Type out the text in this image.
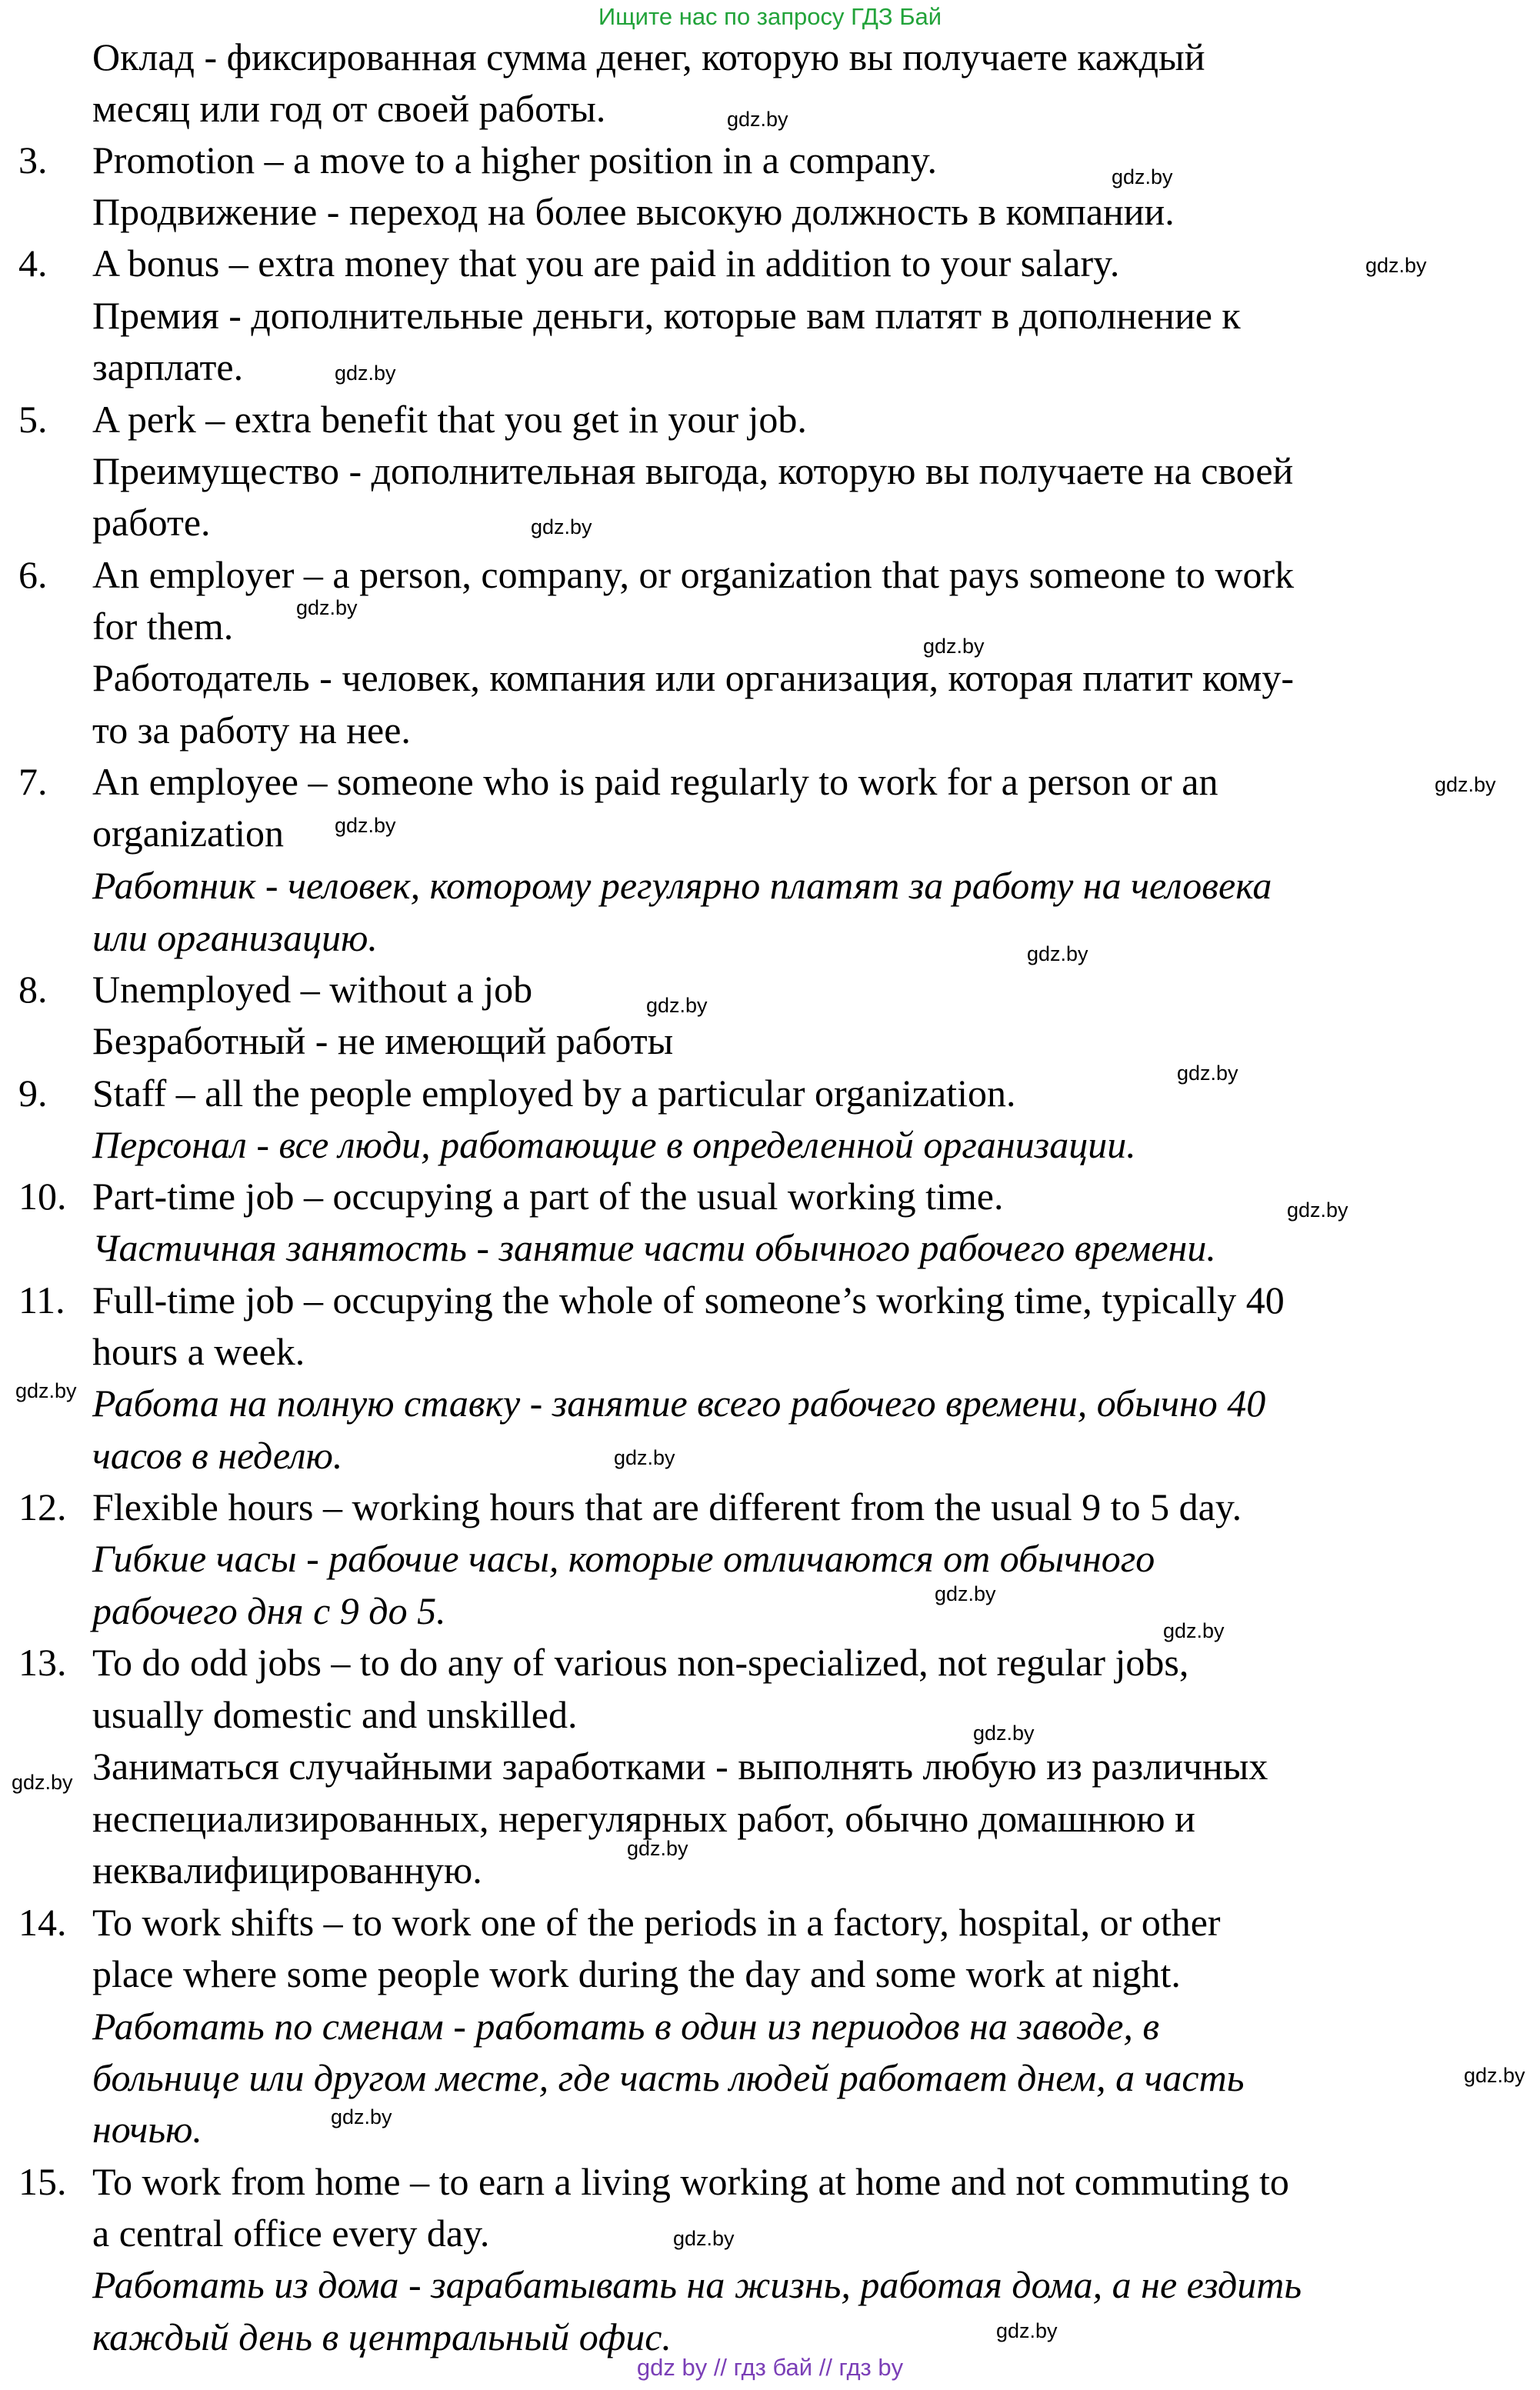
Ищите нас по запросу ГДЗ Бай
Оклад - фиксированная сумма денег, которую вы получаете каждый
месяц или год от своей работы.
3. Promotion – a move to a higher position in a company.
Продвижение - переход на более высокую должность в компании.
4. A bonus – extra money that you are paid in addition to your salary.
Премия - дополнительные деньги, которые вам платят в дополнение к
зарплате.
5. A perk – extra benefit that you get in your job.
Преимущество - дополнительная выгода, которую вы получаете на своей
работе.
6. An employer – a person, company, or organization that pays someone to work
for them.
Работодатель - человек, компания или организация, которая платит кому-
то за работу на нее.
7. An employee – someone who is paid regularly to work for a person or an
organization
Работник - человек, которому регулярно платят за работу на человека
или организацию.
8. Unemployed – without a job
Безработный - не имеющий работы
9. Staff – all the people employed by a particular organization.
Персонал - все люди, работающие в определенной организации.
10. Part-time job – occupying a part of the usual working time.
Частичная занятость - занятие части обычного рабочего времени.
11. Full-time job – occupying the whole of someone’s working time, typically 40
hours a week.
Работа на полную ставку - занятие всего рабочего времени, обычно 40
часов в неделю.
12. Flexible hours – working hours that are different from the usual 9 to 5 day.
Гибкие часы - рабочие часы, которые отличаются от обычного
рабочего дня с 9 до 5.
13. To do odd jobs – to do any of various non-specialized, not regular jobs,
usually domestic and unskilled.
Заниматься случайными заработками - выполнять любую из различных
неспециализированных, нерегулярных работ, обычно домашнюю и
неквалифицированную.
14. To work shifts – to work one of the periods in a factory, hospital, or other
place where some people work during the day and some work at night.
Работать по сменам - работать в один из периодов на заводе, в
больнице или другом месте, где часть людей работает днем, а часть
ночью.
15. To work from home – to earn a living working at home and not commuting to
a central office every day.
Работать из дома - зарабатывать на жизнь, работая дома, а не ездить
каждый день в центральный офис.
gdz.by
gdz.by
gdz.by
gdz.by
gdz.by
gdz.by
gdz.by
gdz.by
gdz.by
gdz.by
gdz.by
gdz.by
gdz.by
gdz.by
gdz.by
gdz.by
gdz.by
gdz.by
gdz.by
gdz.by
gdz.by
gdz.by
gdz.by
gdz.by
gdz by // гдз бай // гдз by
